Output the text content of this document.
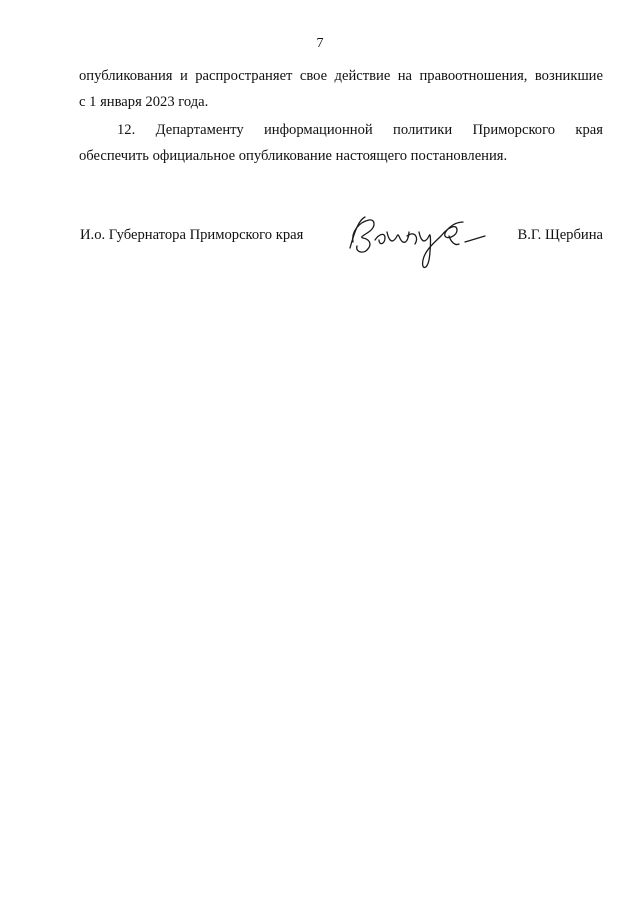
7
опубликования и распространяет свое действие на правоотношения, возникшие
с 1 января 2023 года.
12. Департаменту информационной политики Приморского края
обеспечить официальное опубликование настоящего постановления.
И.о. Губернатора Приморского края	В.Г. Щербина
